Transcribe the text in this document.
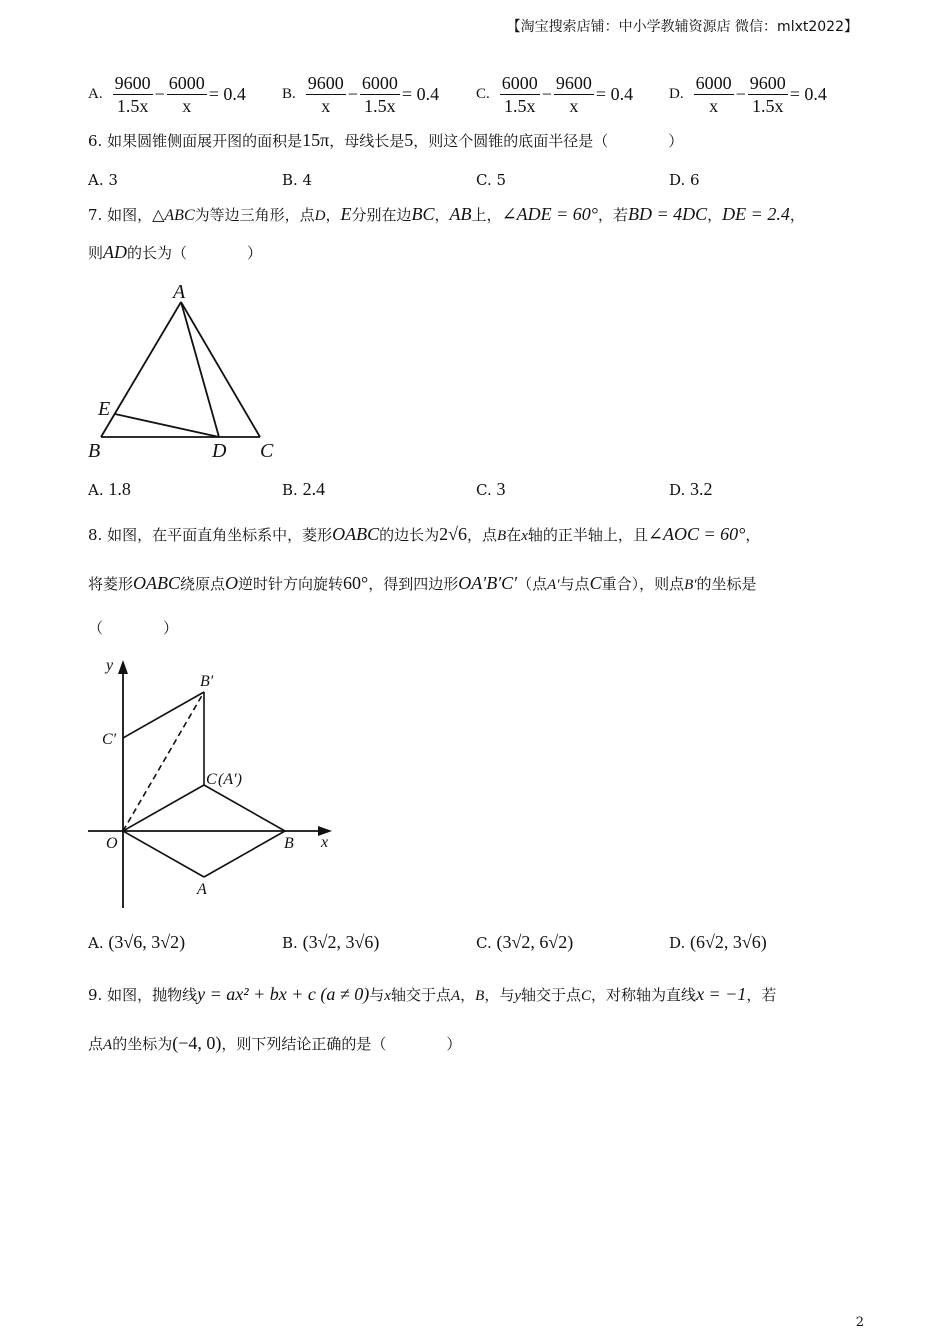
【淘宝搜索店铺：中小学教辅资源店 微信：mlxt2022】
A. $\frac{9600}{1.5x} - \frac{6000}{x} = 0.4$ B. $\frac{9600}{x} - \frac{6000}{1.5x} = 0.4$ C. $\frac{6000}{1.5x} - \frac{9600}{x} = 0.4$ D. $\frac{6000}{x} - \frac{9600}{1.5x} = 0.4$
6. 如果圆锥侧面展开图的面积是15π，母线长是5，则这个圆锥的底面半径是（　　　　）
A. 3	B. 4	C. 5	D. 6
7. 如图，△ABC为等边三角形，点D，E分别在边BC，AB上，∠ADE = 60°，若BD = 4DC，DE = 2.4，
则AD的长为（　　　　）
A
B	C
D
E
A. 1.8	B. 2.4	C. 3	D. 3.2
8. 如图，在平面直角坐标系中，菱形OABC的边长为2√6，点B在x轴的正半轴上，且∠AOC = 60°，
将菱形OABC绕原点O逆时针方向旋转60°，得到四边形OA′B′C′（点A′与点C重合），则点B′的坐标是
（　　　　）
y
x
O	B
A
C (A′)
B′
C′
A. (3√6, 3√2)	B. (3√2, 3√6)	C. (3√2, 6√2)	D. (6√2, 3√6)
9. 如图，抛物线y = ax² + bx + c (a ≠ 0)与x轴交于点A，B，与y轴交于点C，对称轴为直线x = −1，若
点A的坐标为(−4, 0)，则下列结论正确的是（　　　　）
2
